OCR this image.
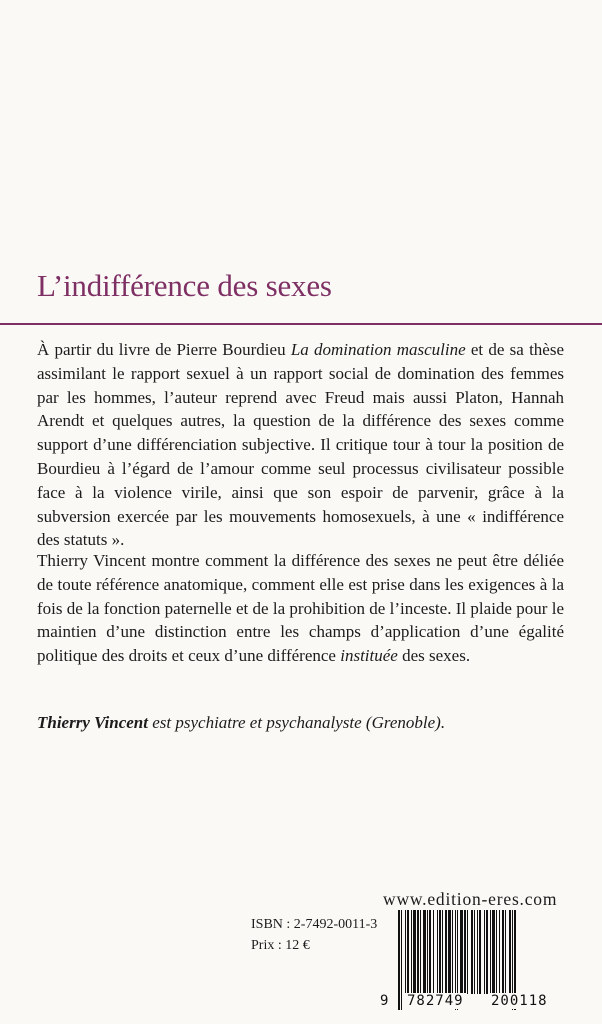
L’indifférence des sexes

À partir du livre de Pierre Bourdieu La domination masculine et de sa thèse assimilant le rapport sexuel à un rapport social de domination des femmes par les hommes, l’auteur reprend avec Freud mais aussi Platon, Hannah Arendt et quelques autres, la question de la différence des sexes comme support d’une différenciation subjective. Il critique tour à tour la position de Bourdieu à l’égard de l’amour comme seul processus civilisateur possible face à la violence virile, ainsi que son espoir de parvenir, grâce à la subversion exercée par les mouvements homosexuels, à une « indifférence des statuts ».

Thierry Vincent montre comment la différence des sexes ne peut être déliée de toute référence anatomique, comment elle est prise dans les exigences à la fois de la fonction paternelle et de la prohibition de l’inceste. Il plaide pour le maintien d’une distinction entre les champs d’application d’une égalité politique des droits et ceux d’une différence instituée des sexes.

Thierry Vincent est psychiatre et psychanalyste (Grenoble).

www.edition-eres.com
ISBN : 2-7492-0011-3
Prix : 12 €
9 782749 200118
